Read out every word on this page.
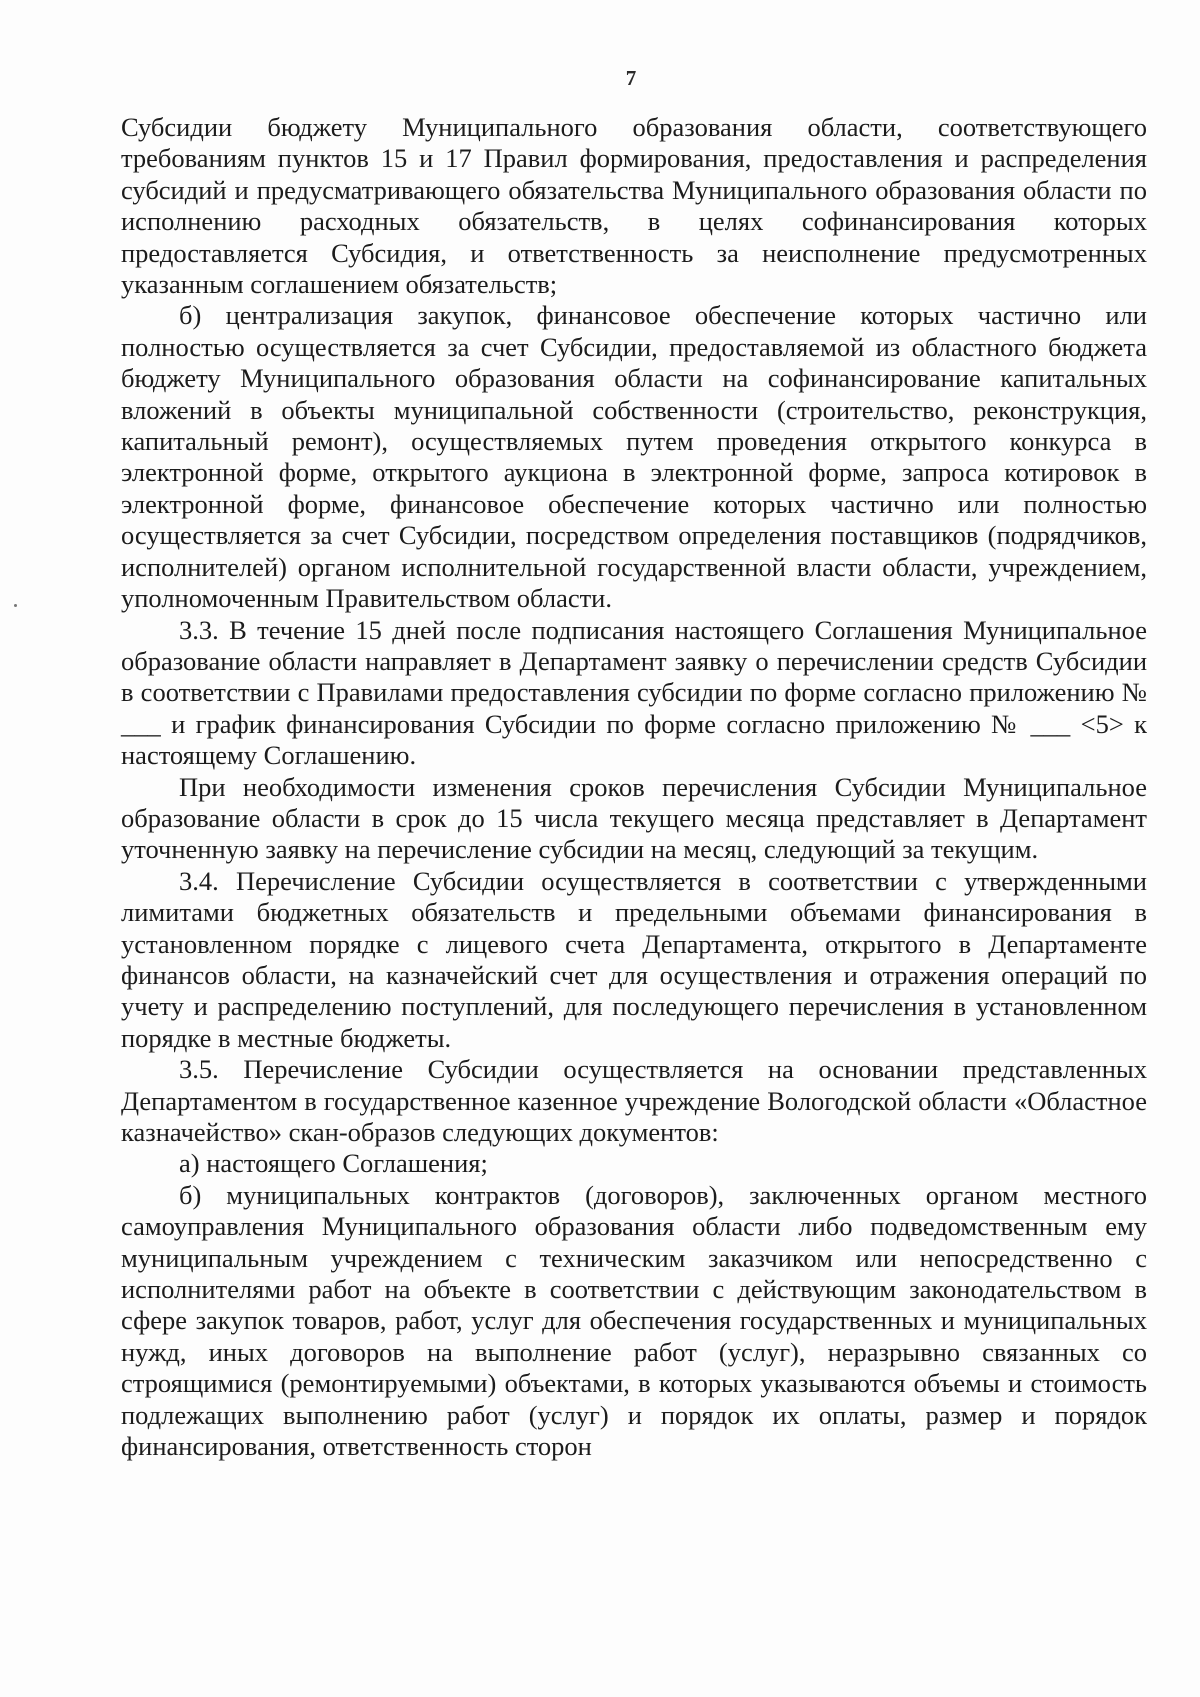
7

Субсидии бюджету Муниципального образования области, соответствующего требованиям пунктов 15 и 17 Правил формирования, предоставления и распределения субсидий и предусматривающего обязательства Муниципального образования области по исполнению расходных обязательств, в целях софинансирования которых предоставляется Субсидия, и ответственность за неисполнение предусмотренных указанным соглашением обязательств;

б) централизация закупок, финансовое обеспечение которых частично или полностью осуществляется за счет Субсидии, предоставляемой из областного бюджета бюджету Муниципального образования области на софинансирование капитальных вложений в объекты муниципальной собственности (строительство, реконструкция, капитальный ремонт), осуществляемых путем проведения открытого конкурса в электронной форме, открытого аукциона в электронной форме, запроса котировок в электронной форме, финансовое обеспечение которых частично или полностью осуществляется за счет Субсидии, посредством определения поставщиков (подрядчиков, исполнителей) органом исполнительной государственной власти области, учреждением, уполномоченным Правительством области.

3.3. В течение 15 дней после подписания настоящего Соглашения Муниципальное образование области направляет в Департамент заявку о перечислении средств Субсидии в соответствии с Правилами предоставления субсидии по форме согласно приложению № ___ и график финансирования Субсидии по форме согласно приложению № ___ <5> к настоящему Соглашению.

При необходимости изменения сроков перечисления Субсидии Муниципальное образование области в срок до 15 числа текущего месяца представляет в Департамент уточненную заявку на перечисление субсидии на месяц, следующий за текущим.

3.4. Перечисление Субсидии осуществляется в соответствии с утвержденными лимитами бюджетных обязательств и предельными объемами финансирования в установленном порядке с лицевого счета Департамента, открытого в Департаменте финансов области, на казначейский счет для осуществления и отражения операций по учету и распределению поступлений, для последующего перечисления в установленном порядке в местные бюджеты.

3.5. Перечисление Субсидии осуществляется на основании представленных Департаментом в государственное казенное учреждение Вологодской области «Областное казначейство» скан-образов следующих документов:

а) настоящего Соглашения;

б) муниципальных контрактов (договоров), заключенных органом местного самоуправления Муниципального образования области либо подведомственным ему муниципальным учреждением с техническим заказчиком или непосредственно с исполнителями работ на объекте в соответствии с действующим законодательством в сфере закупок товаров, работ, услуг для обеспечения государственных и муниципальных нужд, иных договоров на выполнение работ (услуг), неразрывно связанных со строящимися (ремонтируемыми) объектами, в которых указываются объемы и стоимость подлежащих выполнению работ (услуг) и порядок их оплаты, размер и порядок финансирования, ответственность сторон
